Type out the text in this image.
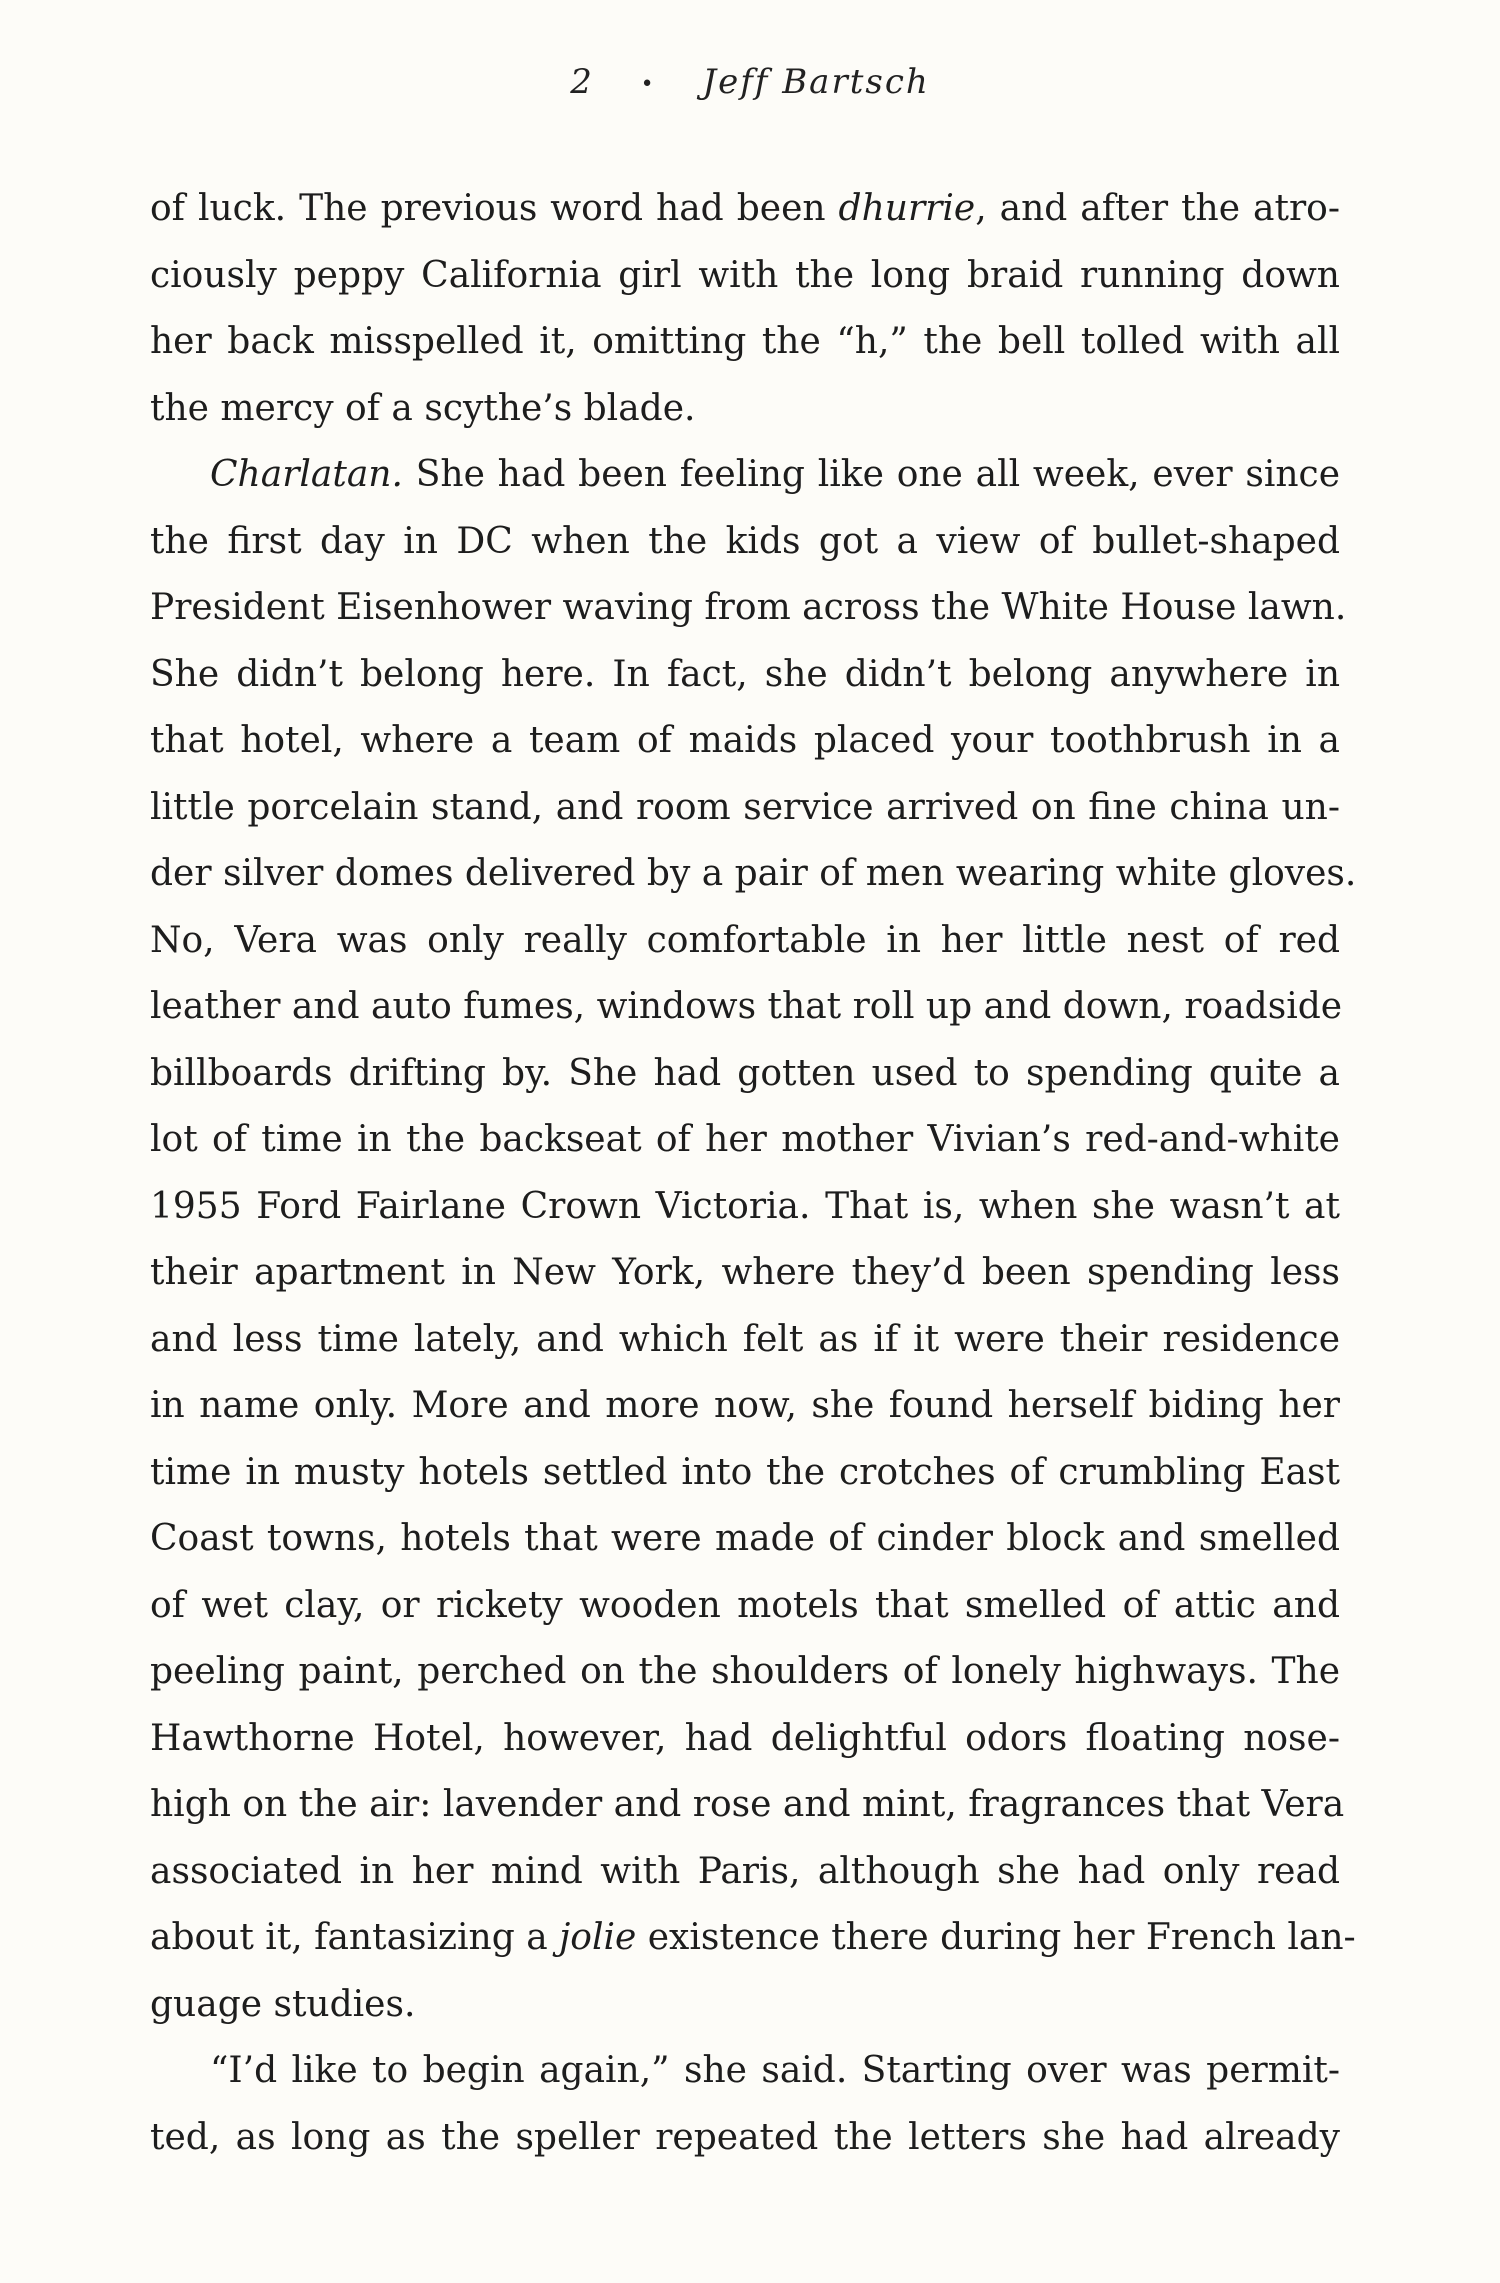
2 • Jeff Bartsch
of luck. The previous word had been dhurrie, and after the atro-
ciously peppy California girl with the long braid running down
her back misspelled it, omitting the “h,” the bell tolled with all
the mercy of a scythe’s blade.
Charlatan. She had been feeling like one all week, ever since
the first day in DC when the kids got a view of bullet-shaped
President Eisenhower waving from across the White House lawn.
She didn’t belong here. In fact, she didn’t belong anywhere in
that hotel, where a team of maids placed your toothbrush in a
little porcelain stand, and room service arrived on fine china un-
der silver domes delivered by a pair of men wearing white gloves.
No, Vera was only really comfortable in her little nest of red
leather and auto fumes, windows that roll up and down, roadside
billboards drifting by. She had gotten used to spending quite a
lot of time in the backseat of her mother Vivian’s red-and-white
1955 Ford Fairlane Crown Victoria. That is, when she wasn’t at
their apartment in New York, where they’d been spending less
and less time lately, and which felt as if it were their residence
in name only. More and more now, she found herself biding her
time in musty hotels settled into the crotches of crumbling East
Coast towns, hotels that were made of cinder block and smelled
of wet clay, or rickety wooden motels that smelled of attic and
peeling paint, perched on the shoulders of lonely highways. The
Hawthorne Hotel, however, had delightful odors floating nose-
high on the air: lavender and rose and mint, fragrances that Vera
associated in her mind with Paris, although she had only read
about it, fantasizing a jolie existence there during her French lan-
guage studies.
“I’d like to begin again,” she said. Starting over was permit-
ted, as long as the speller repeated the letters she had already
